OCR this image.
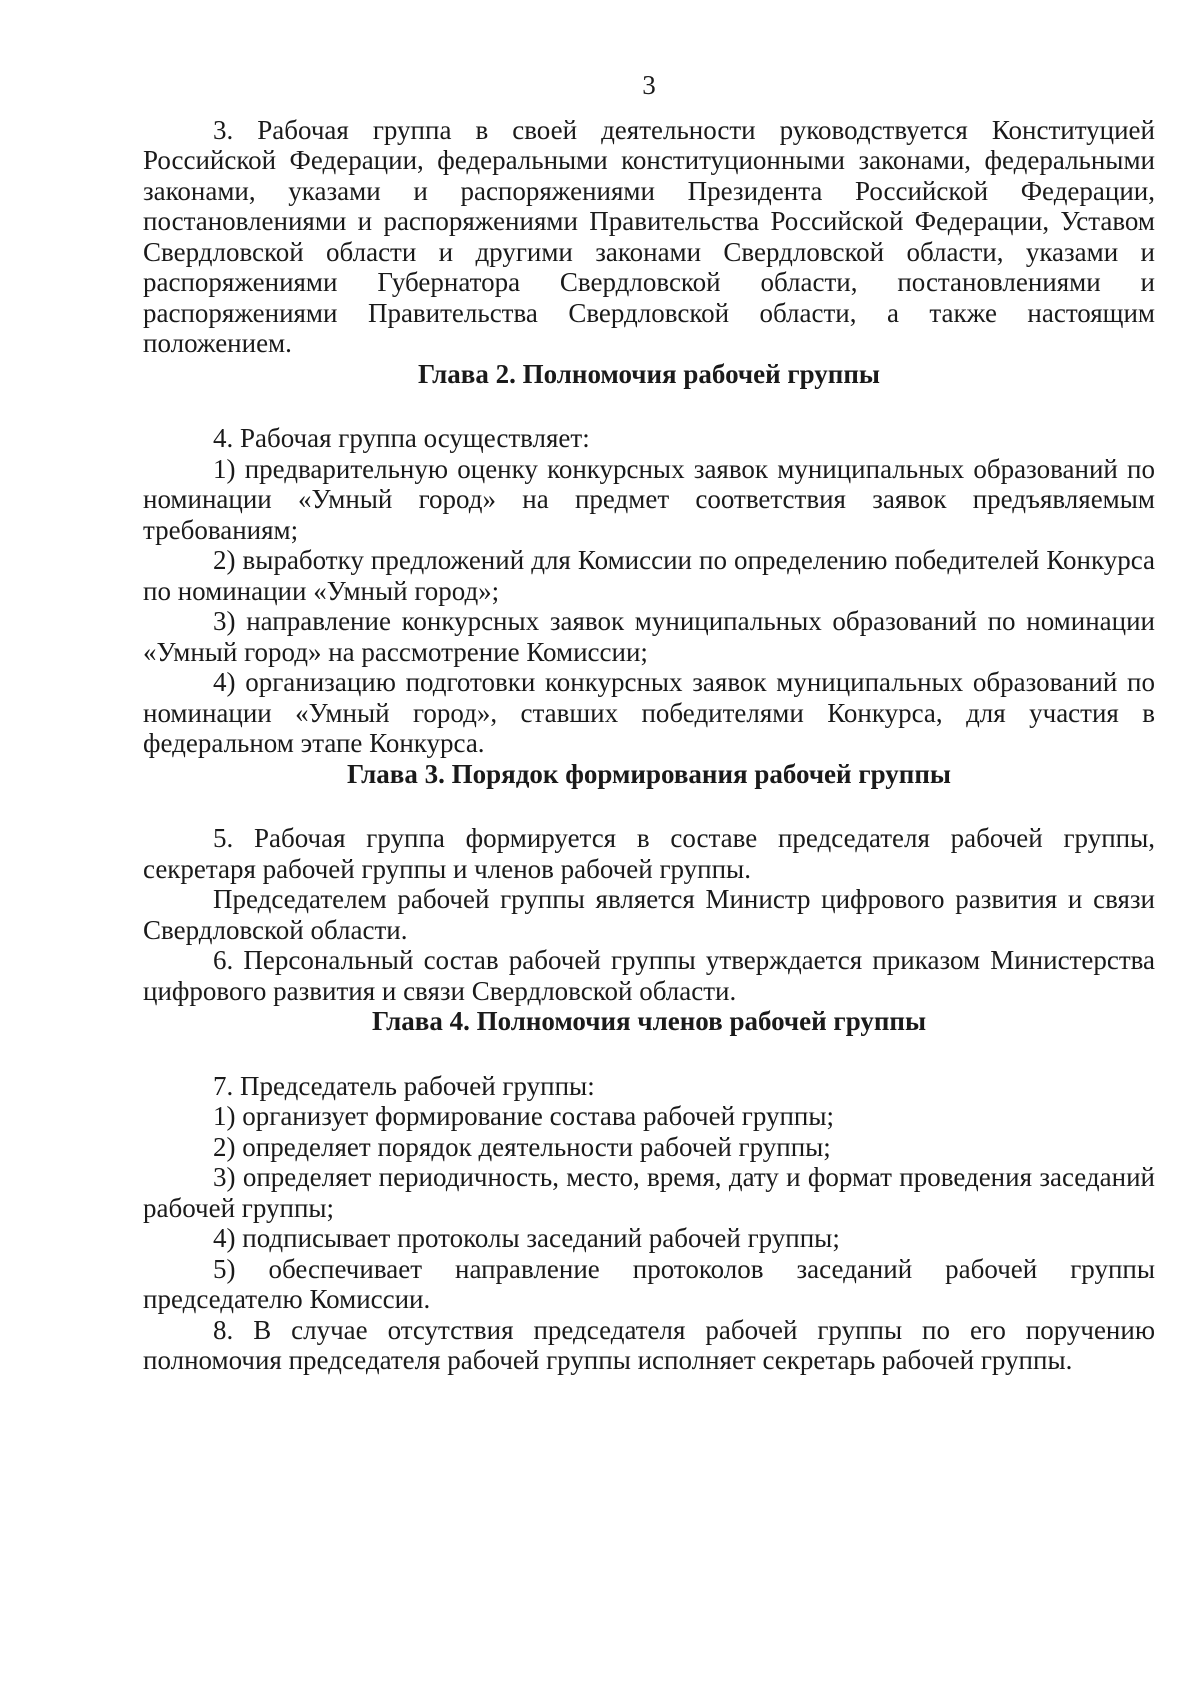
3

3. Рабочая группа в своей деятельности руководствуется Конституцией Российской Федерации, федеральными конституционными законами, федеральными законами, указами и распоряжениями Президента Российской Федерации, постановлениями и распоряжениями Правительства Российской Федерации, Уставом Свердловской области и другими законами Свердловской области, указами и распоряжениями Губернатора Свердловской области, постановлениями и распоряжениями Правительства Свердловской области, а также настоящим положением.

Глава 2. Полномочия рабочей группы

4. Рабочая группа осуществляет:

1) предварительную оценку конкурсных заявок муниципальных образований по номинации «Умный город» на предмет соответствия заявок предъявляемым требованиям;

2) выработку предложений для Комиссии по определению победителей Конкурса по номинации «Умный город»;

3) направление конкурсных заявок муниципальных образований по номинации «Умный город» на рассмотрение Комиссии;

4) организацию подготовки конкурсных заявок муниципальных образований по номинации «Умный город», ставших победителями Конкурса, для участия в федеральном этапе Конкурса.

Глава 3. Порядок формирования рабочей группы

5. Рабочая группа формируется в составе председателя рабочей группы, секретаря рабочей группы и членов рабочей группы.

Председателем рабочей группы является Министр цифрового развития и связи Свердловской области.

6. Персональный состав рабочей группы утверждается приказом Министерства цифрового развития и связи Свердловской области.

Глава 4. Полномочия членов рабочей группы

7. Председатель рабочей группы:

1) организует формирование состава рабочей группы;

2) определяет порядок деятельности рабочей группы;

3) определяет периодичность, место, время, дату и формат проведения заседаний рабочей группы;

4) подписывает протоколы заседаний рабочей группы;

5) обеспечивает направление протоколов заседаний рабочей группы председателю Комиссии.

8. В случае отсутствия председателя рабочей группы по его поручению полномочия председателя рабочей группы исполняет секретарь рабочей группы.
